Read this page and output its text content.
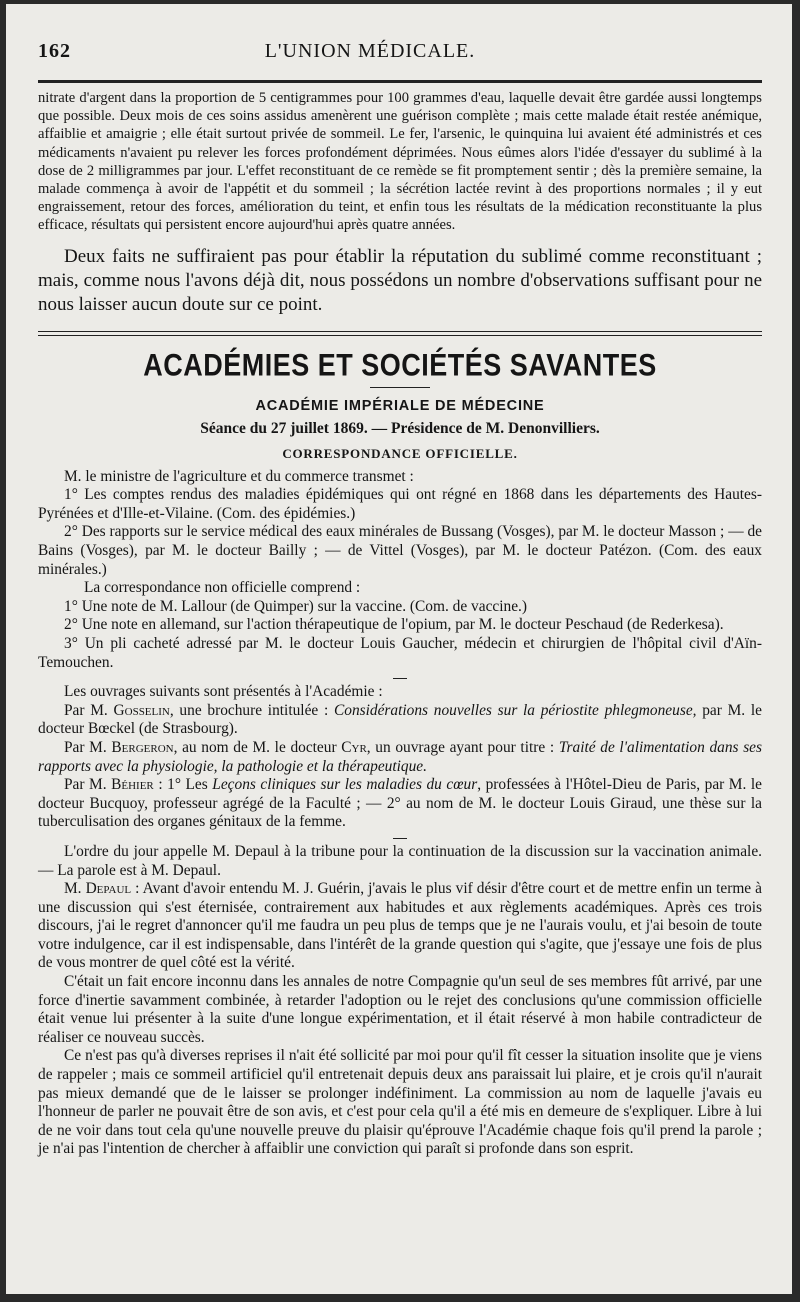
162	L'UNION MÉDICALE.

nitrate d'argent dans la proportion de 5 centigrammes pour 100 grammes d'eau, laquelle devait être gardée aussi longtemps que possible. Deux mois de ces soins assidus amenèrent une guérison complète ; mais cette malade était restée anémique, affaiblie et amaigrie ; elle était surtout privée de sommeil. Le fer, l'arsenic, le quinquina lui avaient été administrés et ces médicaments n'avaient pu relever les forces profondément déprimées. Nous eûmes alors l'idée d'essayer du sublimé à la dose de 2 milligrammes par jour. L'effet reconstituant de ce remède se fit promptement sentir ; dès la première semaine, la malade commença à avoir de l'appétit et du sommeil ; la sécrétion lactée revint à des proportions normales ; il y eut engraissement, retour des forces, amélioration du teint, et enfin tous les résultats de la médication reconstituante la plus efficace, résultats qui persistent encore aujourd'hui après quatre années.

Deux faits ne suffiraient pas pour établir la réputation du sublimé comme reconstituant ; mais, comme nous l'avons déjà dit, nous possédons un nombre d'observations suffisant pour ne nous laisser aucun doute sur ce point.

ACADÉMIES ET SOCIÉTÉS SAVANTES
ACADÉMIE IMPÉRIALE DE MÉDECINE
Séance du 27 juillet 1869. — Présidence de M. Denonvilliers.
CORRESPONDANCE OFFICIELLE.

M. le ministre de l'agriculture et du commerce transmet :

1° Les comptes rendus des maladies épidémiques qui ont régné en 1868 dans les départements des Hautes-Pyrénées et d'Ille-et-Vilaine. (Com. des épidémies.)

2° Des rapports sur le service médical des eaux minérales de Bussang (Vosges), par M. le docteur Masson ; — de Bains (Vosges), par M. le docteur Bailly ; — de Vittel (Vosges), par M. le docteur Patézon. (Com. des eaux minérales.)

La correspondance non officielle comprend :

1° Une note de M. Lallour (de Quimper) sur la vaccine. (Com. de vaccine.)

2° Une note en allemand, sur l'action thérapeutique de l'opium, par M. le docteur Peschaud (de Rederkesa).

3° Un pli cacheté adressé par M. le docteur Louis Gaucher, médecin et chirurgien de l'hôpital civil d'Aïn-Temouchen.

Les ouvrages suivants sont présentés à l'Académie :

Par M. Gosselin, une brochure intitulée : Considérations nouvelles sur la périostite phlegmoneuse, par M. le docteur Bœckel (de Strasbourg).

Par M. Bergeron, au nom de M. le docteur Cyr, un ouvrage ayant pour titre : Traité de l'alimentation dans ses rapports avec la physiologie, la pathologie et la thérapeutique.

Par M. Béhier : 1° Les Leçons cliniques sur les maladies du cœur, professées à l'Hôtel-Dieu de Paris, par M. le docteur Bucquoy, professeur agrégé de la Faculté ; — 2° au nom de M. le docteur Louis Giraud, une thèse sur la tuberculisation des organes génitaux de la femme.

L'ordre du jour appelle M. Depaul à la tribune pour la continuation de la discussion sur la vaccination animale. — La parole est à M. Depaul.

M. Depaul : Avant d'avoir entendu M. J. Guérin, j'avais le plus vif désir d'être court et de mettre enfin un terme à une discussion qui s'est éternisée, contrairement aux habitudes et aux règlements académiques. Après ces trois discours, j'ai le regret d'annoncer qu'il me faudra un peu plus de temps que je ne l'aurais voulu, et j'ai besoin de toute votre indulgence, car il est indispensable, dans l'intérêt de la grande question qui s'agite, que j'essaye une fois de plus de vous montrer de quel côté est la vérité.

C'était un fait encore inconnu dans les annales de notre Compagnie qu'un seul de ses membres fût arrivé, par une force d'inertie savamment combinée, à retarder l'adoption ou le rejet des conclusions qu'une commission officielle était venue lui présenter à la suite d'une longue expérimentation, et il était réservé à mon habile contradicteur de réaliser ce nouveau succès.

Ce n'est pas qu'à diverses reprises il n'ait été sollicité par moi pour qu'il fît cesser la situation insolite que je viens de rappeler ; mais ce sommeil artificiel qu'il entretenait depuis deux ans paraissait lui plaire, et je crois qu'il n'aurait pas mieux demandé que de le laisser se prolonger indéfiniment. La commission au nom de laquelle j'avais eu l'honneur de parler ne pouvait être de son avis, et c'est pour cela qu'il a été mis en demeure de s'expliquer. Libre à lui de ne voir dans tout cela qu'une nouvelle preuve du plaisir qu'éprouve l'Académie chaque fois qu'il prend la parole ; je n'ai pas l'intention de chercher à affaiblir une conviction qui paraît si profonde dans son esprit.
